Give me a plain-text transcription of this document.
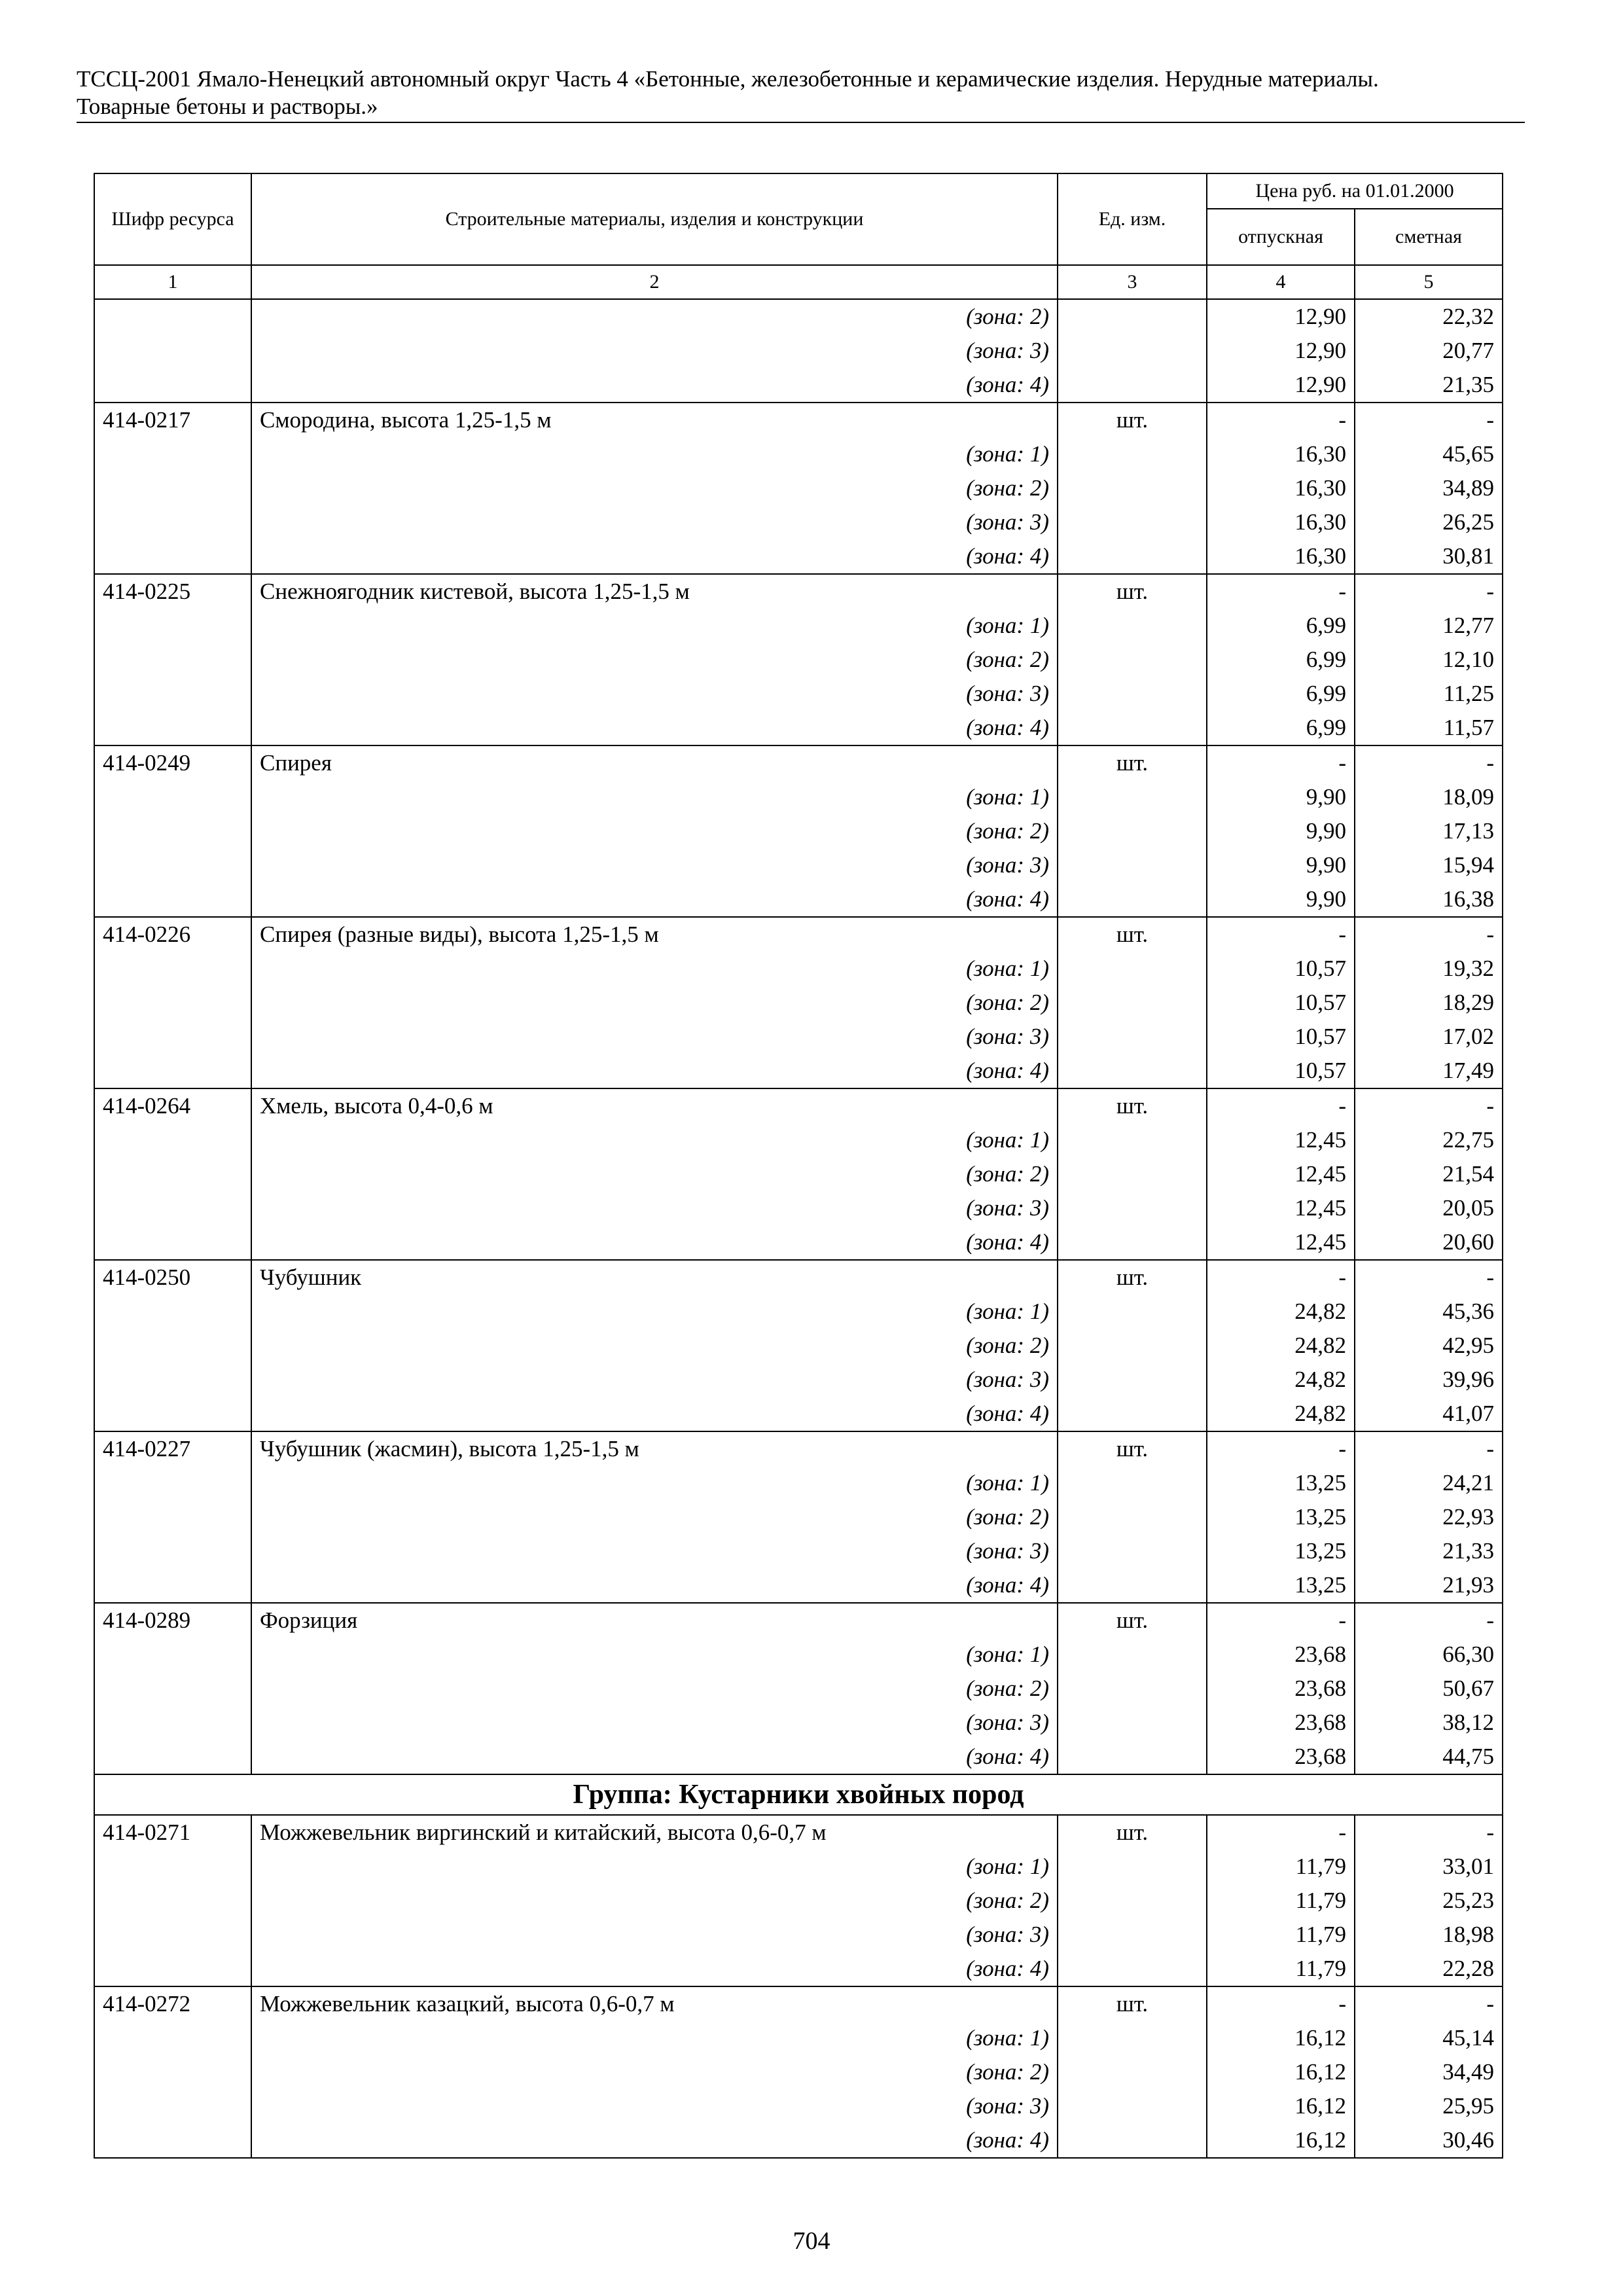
ТССЦ-2001 Ямало-Ненецкий автономный округ Часть 4 «Бетонные, железобетонные и керамические изделия. Нерудные материалы.
Товарные бетоны и растворы.»
Шифр ресурса	Строительные материалы, изделия и конструкции	Ед. изм.	Цена руб. на 01.01.2000	
			отпускная	сметная
1	2	3	4	5
	(зона: 2)		12,90	22,32
	(зона: 3)		12,90	20,77
	(зона: 4)		12,90	21,35
414-0217	Смородина, высота 1,25-1,5 м	шт.	-	-
	(зона: 1)		16,30	45,65
	(зона: 2)		16,30	34,89
	(зона: 3)		16,30	26,25
	(зона: 4)		16,30	30,81
414-0225	Снежноягодник кистевой, высота 1,25-1,5 м	шт.	-	-
	(зона: 1)		6,99	12,77
	(зона: 2)		6,99	12,10
	(зона: 3)		6,99	11,25
	(зона: 4)		6,99	11,57
414-0249	Спирея	шт.	-	-
	(зона: 1)		9,90	18,09
	(зона: 2)		9,90	17,13
	(зона: 3)		9,90	15,94
	(зона: 4)		9,90	16,38
414-0226	Спирея (разные виды), высота 1,25-1,5 м	шт.	-	-
	(зона: 1)		10,57	19,32
	(зона: 2)		10,57	18,29
	(зона: 3)		10,57	17,02
	(зона: 4)		10,57	17,49
414-0264	Хмель, высота 0,4-0,6 м	шт.	-	-
	(зона: 1)		12,45	22,75
	(зона: 2)		12,45	21,54
	(зона: 3)		12,45	20,05
	(зона: 4)		12,45	20,60
414-0250	Чубушник	шт.	-	-
	(зона: 1)		24,82	45,36
	(зона: 2)		24,82	42,95
	(зона: 3)		24,82	39,96
	(зона: 4)		24,82	41,07
414-0227	Чубушник (жасмин), высота 1,25-1,5 м	шт.	-	-
	(зона: 1)		13,25	24,21
	(зона: 2)		13,25	22,93
	(зона: 3)		13,25	21,33
	(зона: 4)		13,25	21,93
414-0289	Форзиция	шт.	-	-
	(зона: 1)		23,68	66,30
	(зона: 2)		23,68	50,67
	(зона: 3)		23,68	38,12
	(зона: 4)		23,68	44,75
Группа: Кустарники хвойных пород				
414-0271	Можжевельник виргинский и китайский, высота 0,6-0,7 м	шт.	-	-
	(зона: 1)		11,79	33,01
	(зона: 2)		11,79	25,23
	(зона: 3)		11,79	18,98
	(зона: 4)		11,79	22,28
414-0272	Можжевельник казацкий, высота 0,6-0,7 м	шт.	-	-
	(зона: 1)		16,12	45,14
	(зона: 2)		16,12	34,49
	(зона: 3)		16,12	25,95
	(зона: 4)		16,12	30,46
704
